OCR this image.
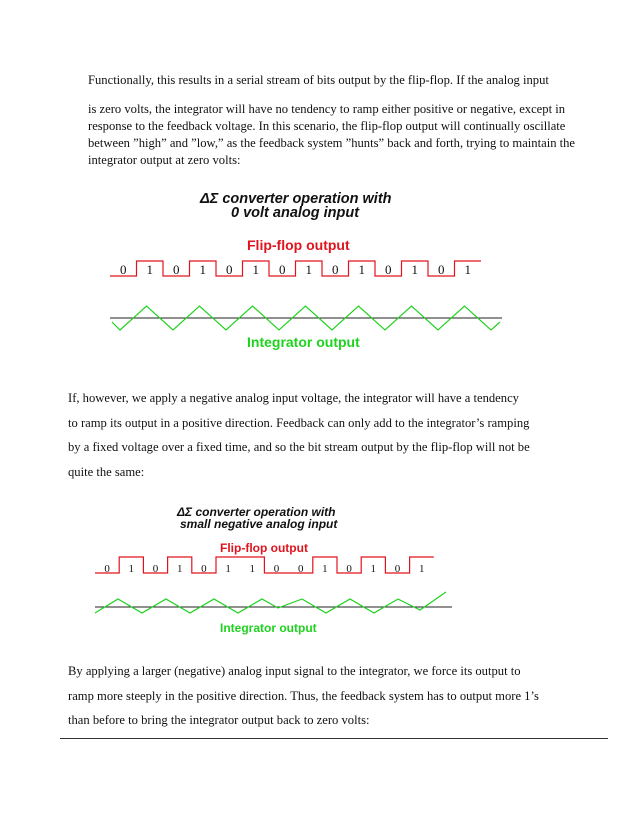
Functionally, this results in a serial stream of bits output by the flip-flop. If the analog input
is zero volts, the integrator will have no tendency to ramp either positive or negative, except in
response to the feedback voltage. In this scenario, the flip-flop output will continually oscillate
between ”high” and ”low,” as the feedback system ”hunts” back and forth, trying to maintain the
integrator output at zero volts:

ΔΣ converter operation with
0 volt analog input
Flip-flop output
0 1 0 1 0 1 0 1 0 1 0 1 0 1
Integrator output

If, however, we apply a negative analog input voltage, the integrator will have a tendency
to ramp its output in a positive direction. Feedback can only add to the integrator’s ramping
by a fixed voltage over a fixed time, and so the bit stream output by the flip-flop will not be
quite the same:

ΔΣ converter operation with
small negative analog input
Flip-flop output
0 1 0 1 0 1 1 0 0 1 0 1 0 1
Integrator output

By applying a larger (negative) analog input signal to the integrator, we force its output to
ramp more steeply in the positive direction. Thus, the feedback system has to output more 1’s
than before to bring the integrator output back to zero volts:
